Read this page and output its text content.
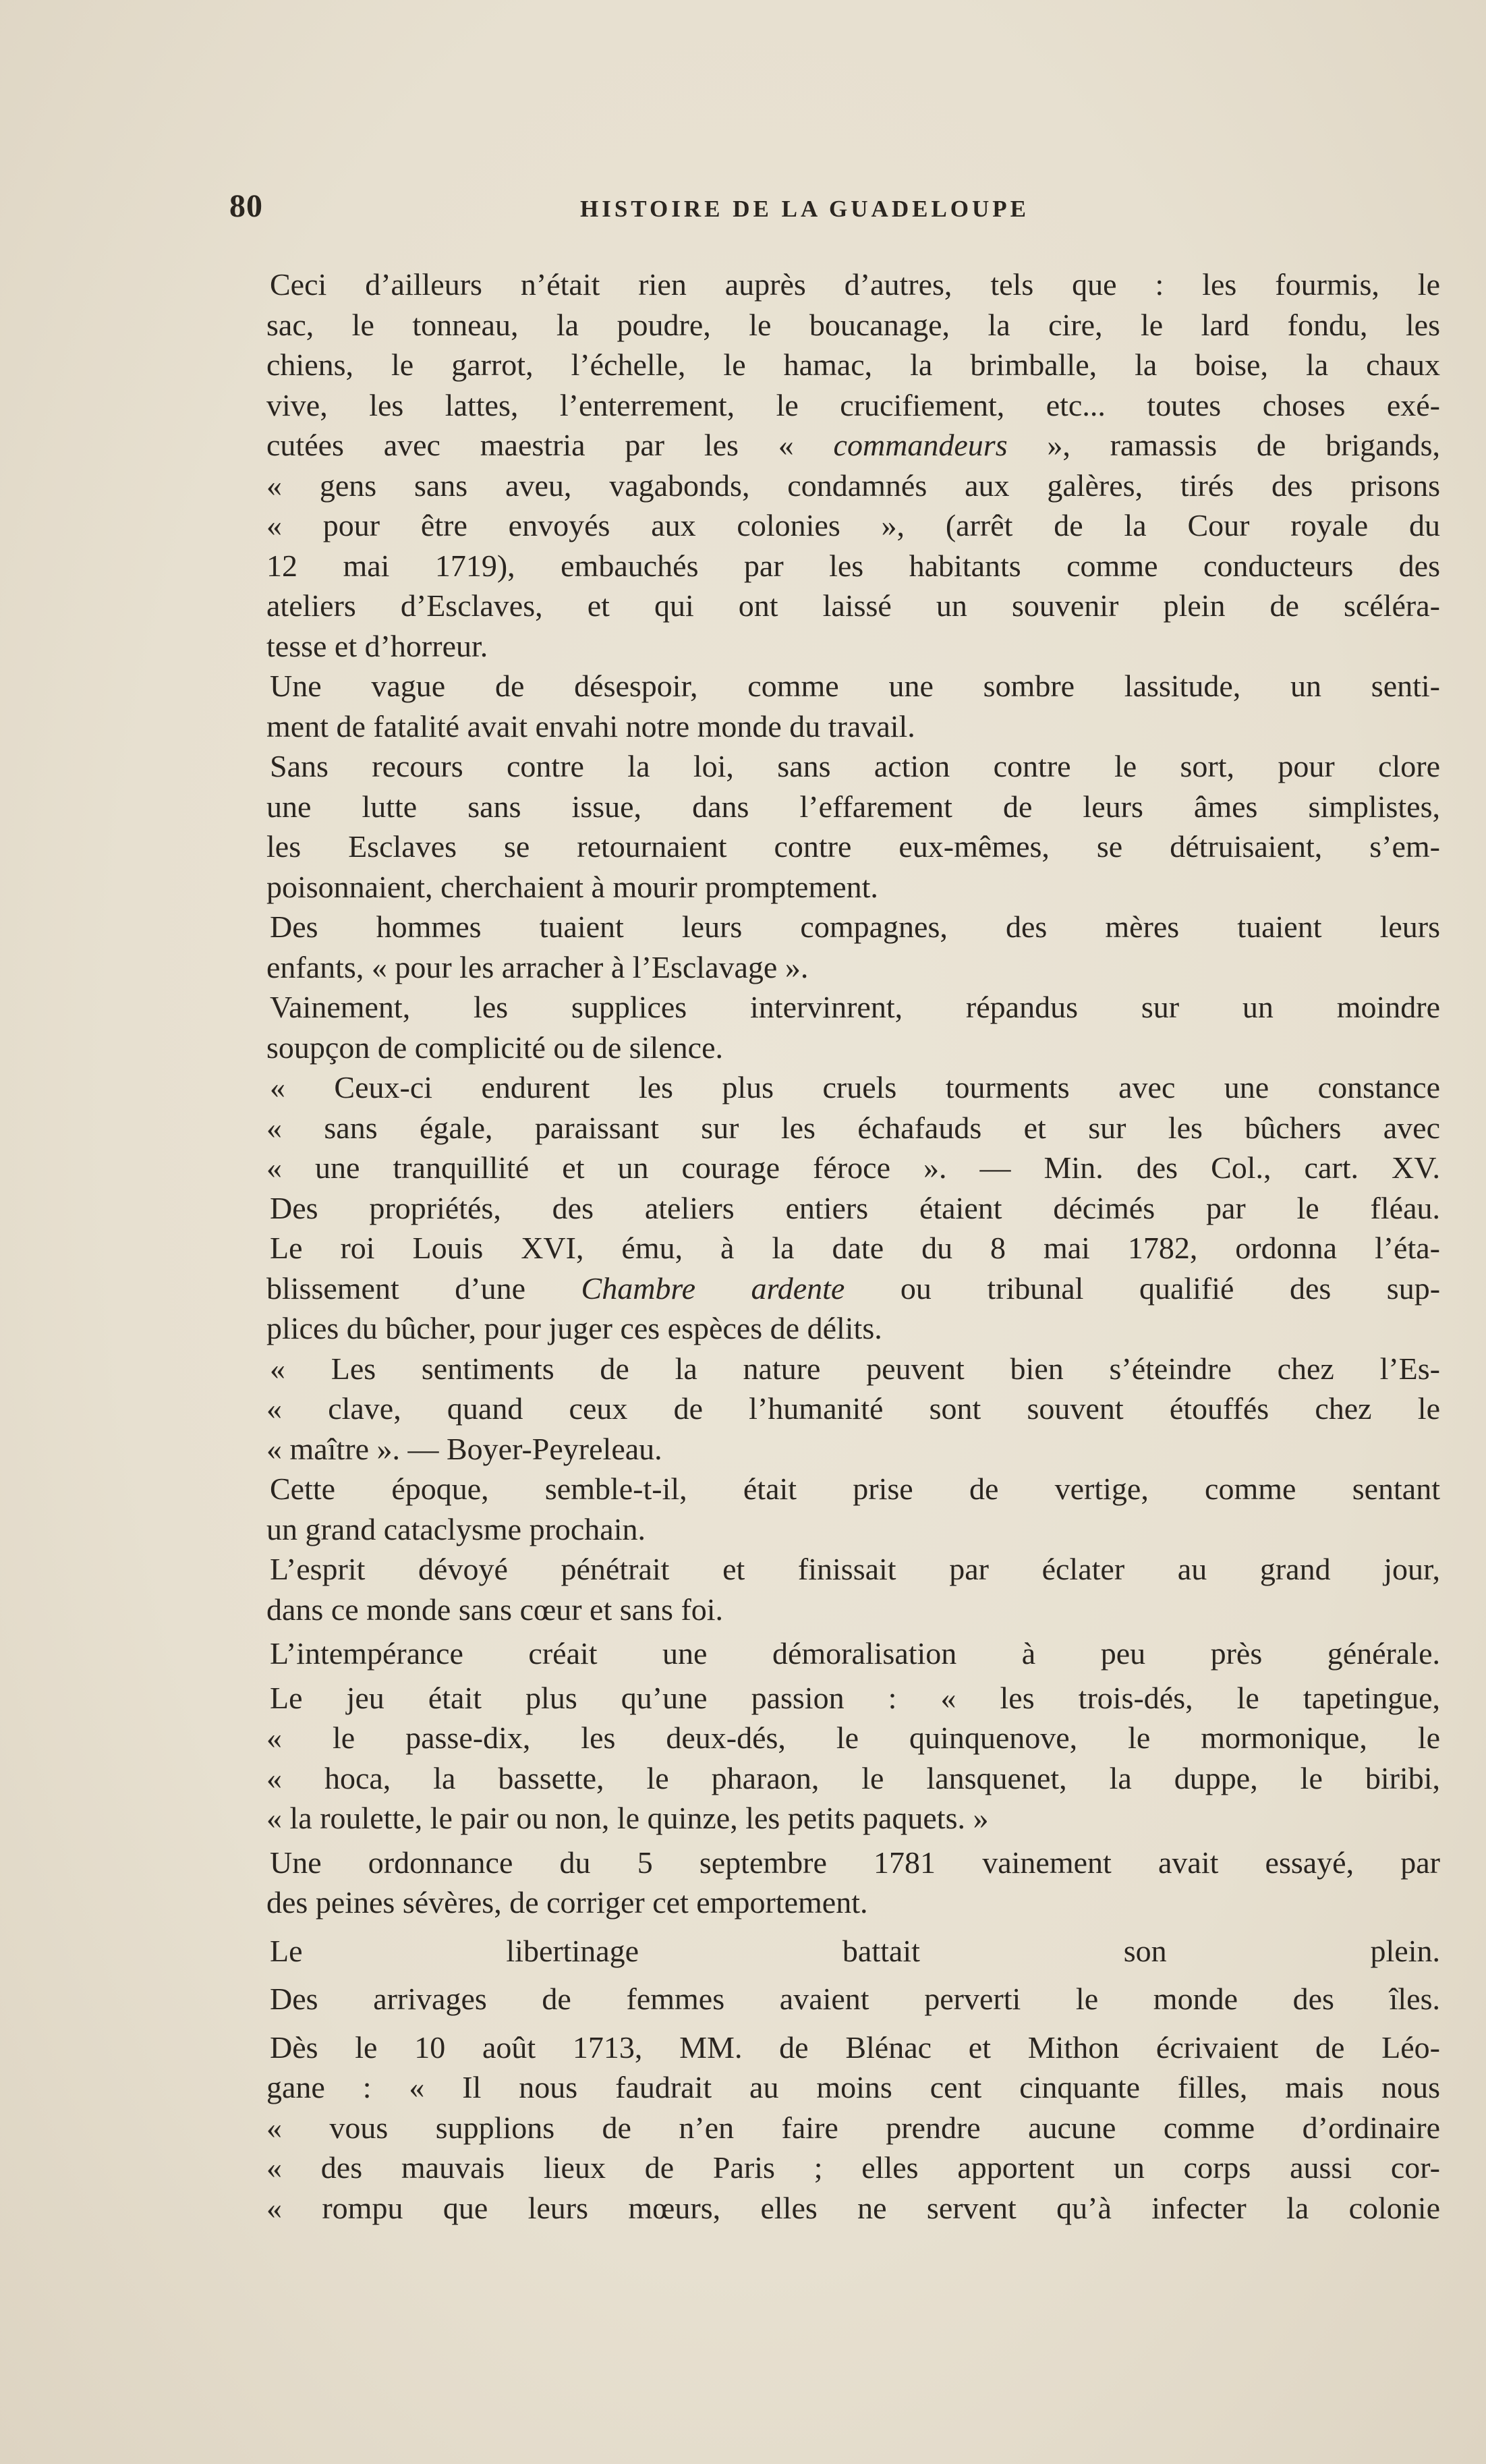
80	HISTOIRE DE LA GUADELOUPE

Ceci d’ailleurs n’était rien auprès d’autres, tels que : les fourmis, le
sac, le tonneau, la poudre, le boucanage, la cire, le lard fondu, les
chiens, le garrot, l’échelle, le hamac, la brimballe, la boise, la chaux
vive, les lattes, l’enterrement, le crucifiement, etc... toutes choses exé-
cutées avec maestria par les « commandeurs », ramassis de brigands,
« gens sans aveu, vagabonds, condamnés aux galères, tirés des prisons
« pour être envoyés aux colonies », (arrêt de la Cour royale du
12 mai 1719), embauchés par les habitants comme conducteurs des
ateliers d’Esclaves, et qui ont laissé un souvenir plein de scéléra-
tesse et d’horreur.

Une vague de désespoir, comme une sombre lassitude, un senti-
ment de fatalité avait envahi notre monde du travail.

Sans recours contre la loi, sans action contre le sort, pour clore
une lutte sans issue, dans l’effarement de leurs âmes simplistes,
les Esclaves se retournaient contre eux-mêmes, se détruisaient, s’em-
poisonnaient, cherchaient à mourir promptement.

Des hommes tuaient leurs compagnes, des mères tuaient leurs
enfants, « pour les arracher à l’Esclavage ».

Vainement, les supplices intervinrent, répandus sur un moindre
soupçon de complicité ou de silence.

« Ceux-ci endurent les plus cruels tourments avec une constance
« sans égale, paraissant sur les échafauds et sur les bûchers avec
« une tranquillité et un courage féroce ». — Min. des Col., cart. XV.

Des propriétés, des ateliers entiers étaient décimés par le fléau.

Le roi Louis XVI, ému, à la date du 8 mai 1782, ordonna l’éta-
blissement d’une Chambre ardente ou tribunal qualifié des sup-
plices du bûcher, pour juger ces espèces de délits.

« Les sentiments de la nature peuvent bien s’éteindre chez l’Es-
« clave, quand ceux de l’humanité sont souvent étouffés chez le
« maître ». — Boyer-Peyreleau.

Cette époque, semble-t-il, était prise de vertige, comme sentant
un grand cataclysme prochain.

L’esprit dévoyé pénétrait et finissait par éclater au grand jour,
dans ce monde sans cœur et sans foi.

L’intempérance créait une démoralisation à peu près générale.

Le jeu était plus qu’une passion : « les trois-dés, le tapetingue,
« le passe-dix, les deux-dés, le quinquenove, le mormonique, le
« hoca, la bassette, le pharaon, le lansquenet, la duppe, le biribi,
« la roulette, le pair ou non, le quinze, les petits paquets. »

Une ordonnance du 5 septembre 1781 vainement avait essayé, par
des peines sévères, de corriger cet emportement.

Le libertinage battait son plein.

Des arrivages de femmes avaient perverti le monde des îles.

Dès le 10 août 1713, MM. de Blénac et Mithon écrivaient de Léo-
gane : « Il nous faudrait au moins cent cinquante filles, mais nous
« vous supplions de n’en faire prendre aucune comme d’ordinaire
« des mauvais lieux de Paris ; elles apportent un corps aussi cor-
« rompu que leurs mœurs, elles ne servent qu’à infecter la colonie
